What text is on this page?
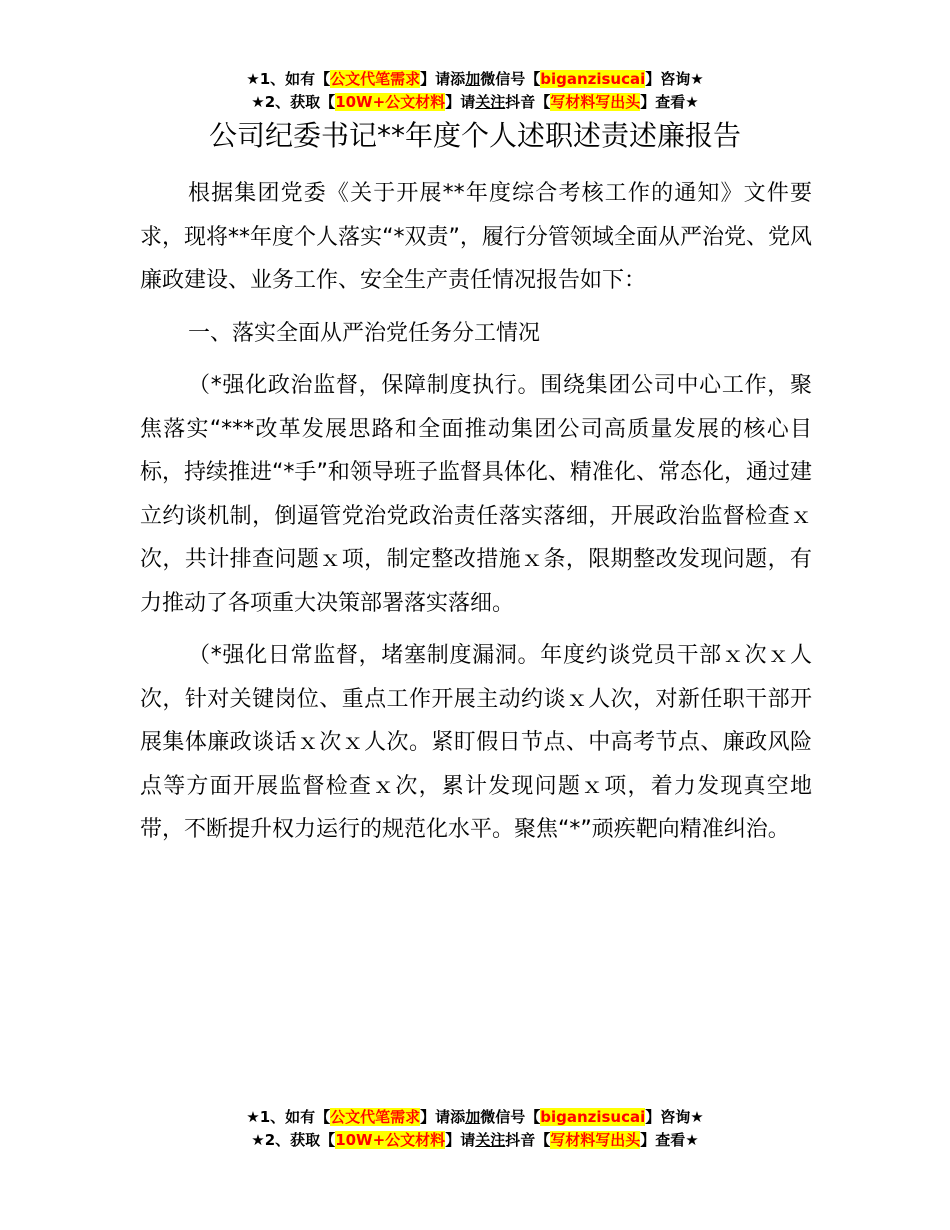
★1、如有【公文代笔需求】请添加微信号【biganzisucai】咨询★
★2、获取【10W+公文材料】请关注抖音【写材料写出头】查看★
公司纪委书记**年度个人述职述责述廉报告

根据集团党委《关于开展**年度综合考核工作的通知》文件要求，现将**年度个人落实“*双责”，履行分管领域全面从严治党、党风廉政建设、业务工作、安全生产责任情况报告如下：

一、落实全面从严治党任务分工情况

（*强化政治监督，保障制度执行。围绕集团公司中心工作，聚焦落实“***改革发展思路和全面推动集团公司高质量发展的核心目标，持续推进“*手”和领导班子监督具体化、精准化、常态化，通过建立约谈机制，倒逼管党治党政治责任落实落细，开展政治监督检查ｘ次，共计排查问题ｘ项，制定整改措施ｘ条，限期整改发现问题，有力推动了各项重大决策部署落实落细。

（*强化日常监督，堵塞制度漏洞。年度约谈党员干部ｘ次ｘ人次，针对关键岗位、重点工作开展主动约谈ｘ人次，对新任职干部开展集体廉政谈话ｘ次ｘ人次。紧盯假日节点、中高考节点、廉政风险点等方面开展监督检查ｘ次，累计发现问题ｘ项，着力发现真空地带，不断提升权力运行的规范化水平。聚焦“*”顽疾靶向精准纠治。

★1、如有【公文代笔需求】请添加微信号【biganzisucai】咨询★
★2、获取【10W+公文材料】请关注抖音【写材料写出头】查看★
